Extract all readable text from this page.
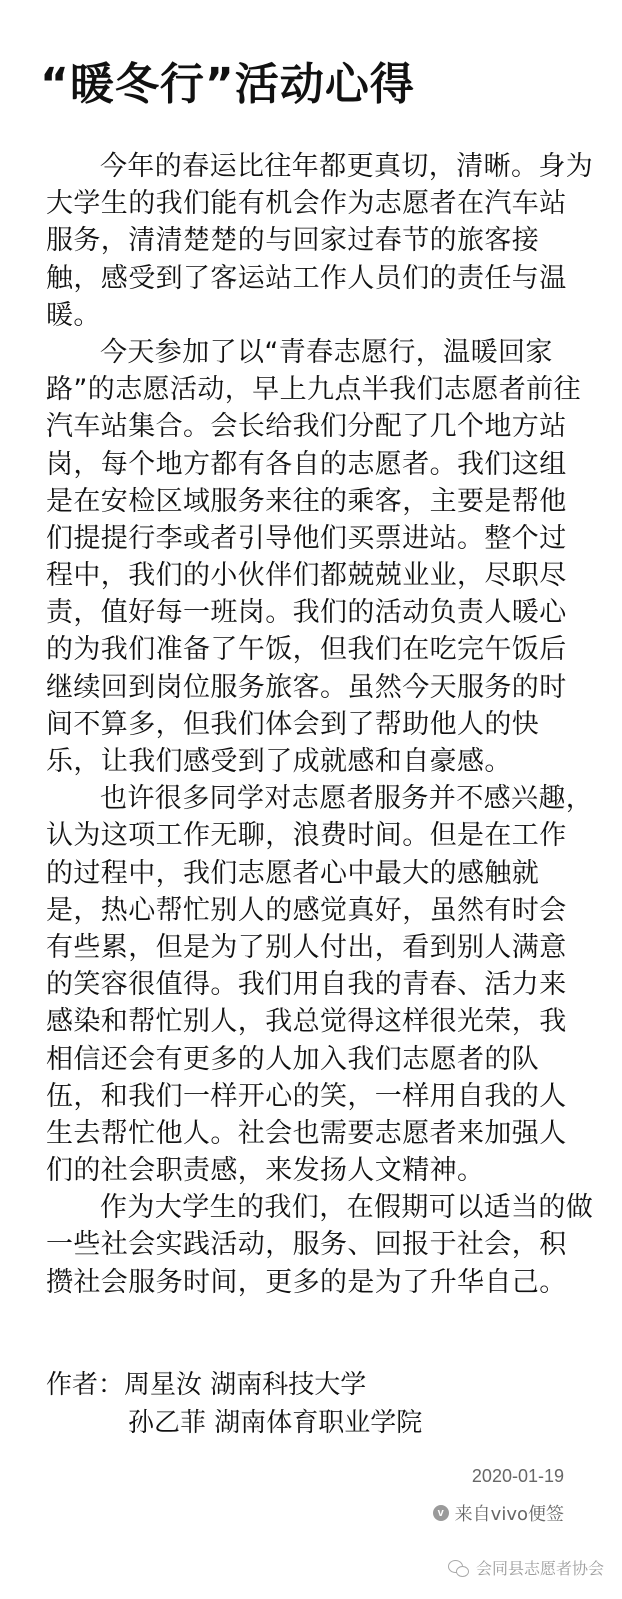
“暖冬行”活动心得
今年的春运比往年都更真切，清晰。身为
大学生的我们能有机会作为志愿者在汽车站
服务，清清楚楚的与回家过春节的旅客接
触，感受到了客运站工作人员们的责任与温
暖。
今天参加了以“青春志愿行，温暖回家
路”的志愿活动，早上九点半我们志愿者前往
汽车站集合。会长给我们分配了几个地方站
岗，每个地方都有各自的志愿者。我们这组
是在安检区域服务来往的乘客，主要是帮他
们提提行李或者引导他们买票进站。整个过
程中，我们的小伙伴们都兢兢业业，尽职尽
责，值好每一班岗。我们的活动负责人暖心
的为我们准备了午饭，但我们在吃完午饭后
继续回到岗位服务旅客。虽然今天服务的时
间不算多，但我们体会到了帮助他人的快
乐，让我们感受到了成就感和自豪感。
也许很多同学对志愿者服务并不感兴趣，
认为这项工作无聊，浪费时间。但是在工作
的过程中，我们志愿者心中最大的感触就
是，热心帮忙别人的感觉真好，虽然有时会
有些累，但是为了别人付出，看到别人满意
的笑容很值得。我们用自我的青春、活力来
感染和帮忙别人，我总觉得这样很光荣，我
相信还会有更多的人加入我们志愿者的队
伍，和我们一样开心的笑，一样用自我的人
生去帮忙他人。社会也需要志愿者来加强人
们的社会职责感，来发扬人文精神。
作为大学生的我们，在假期可以适当的做
一些社会实践活动，服务、回报于社会，积
攒社会服务时间，更多的是为了升华自己。
作者：周星汝 湖南科技大学
孙乙菲 湖南体育职业学院
2020-01-19
v 来自vivo便签
会同县志愿者协会
